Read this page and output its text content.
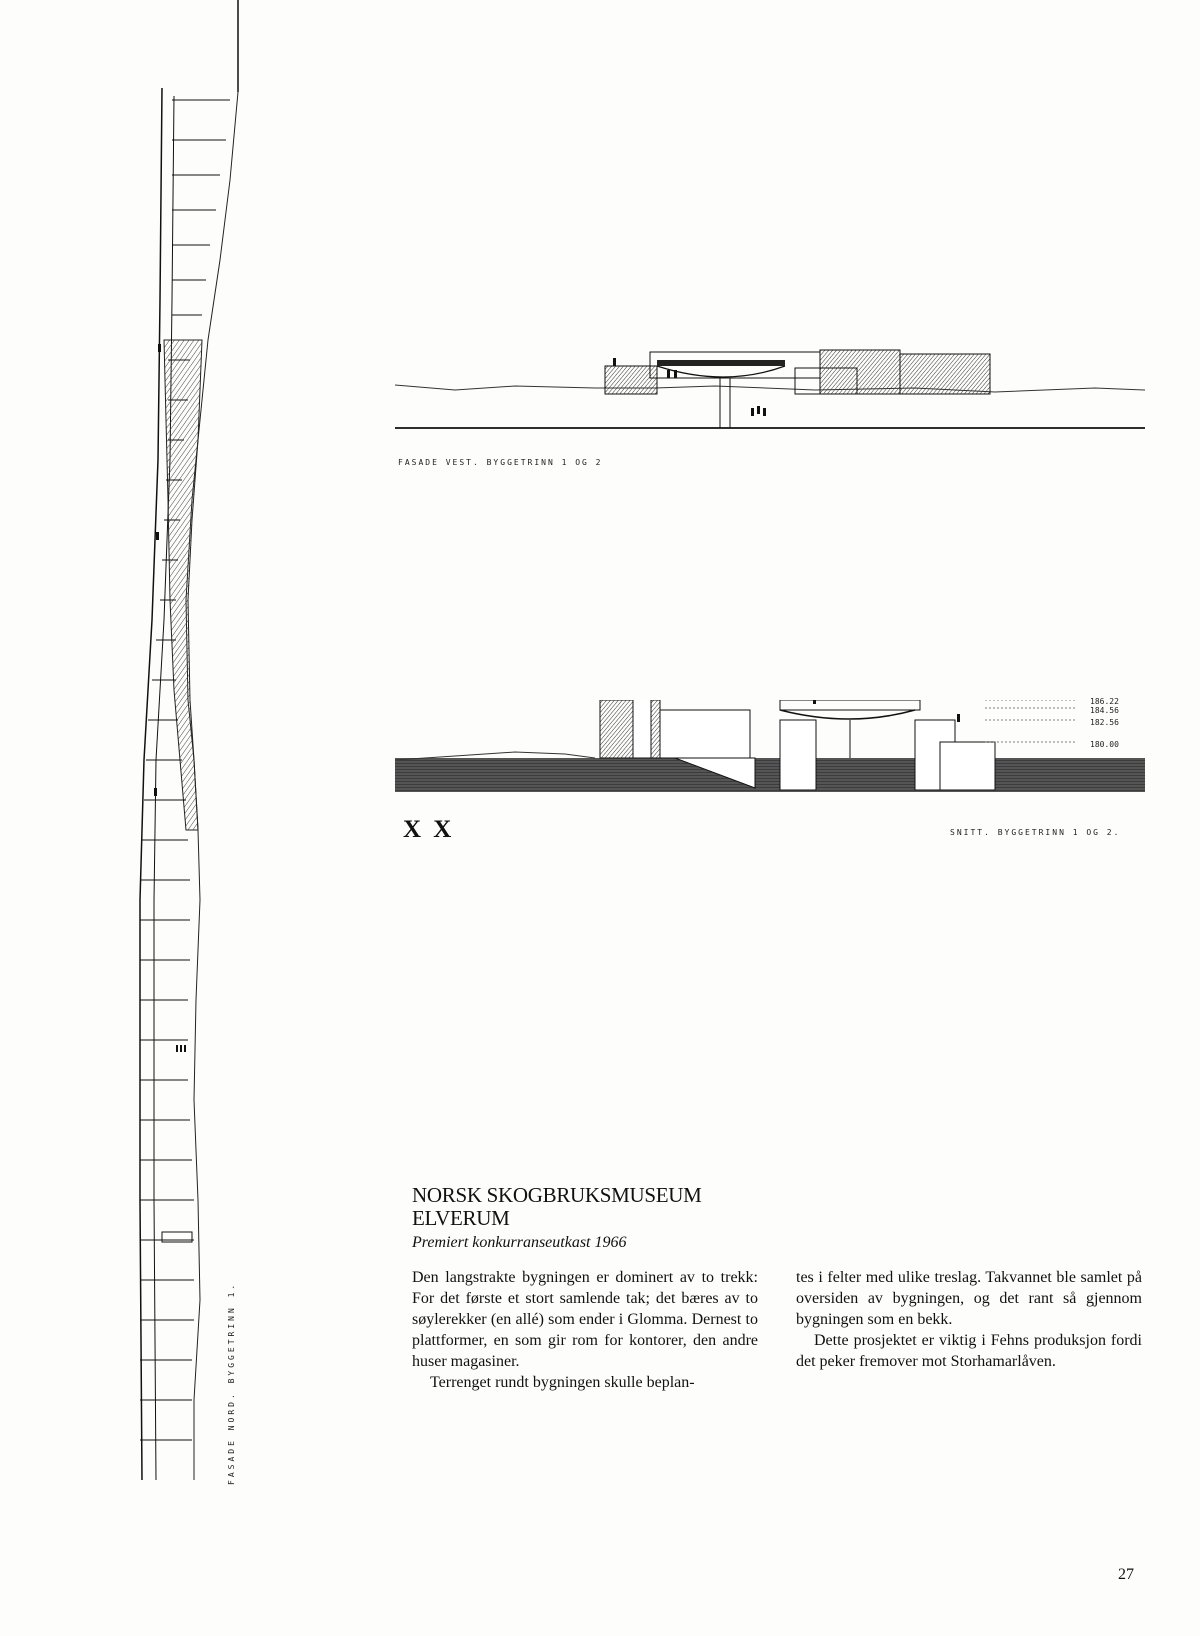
FASADE NORD. BYGGETRINN 1.
FASADE VEST. BYGGETRINN 1 OG 2
186.22
184.56
182.56
180.00
X X	SNITT. BYGGETRINN 1 OG 2.
NORSK SKOGBRUKSMUSEUM
ELVERUM
Premiert konkurranseutkast 1966

Den langstrakte bygningen er dominert av to trekk: For det første et stort samlende tak; det bæres av to søylerekker (en allé) som ender i Glomma. Dernest to plattformer, en som gir rom for kontorer, den andre huser magasiner.

Terrenget rundt bygningen skulle beplan-

tes i felter med ulike treslag. Takvannet ble samlet på oversiden av bygningen, og det rant så gjennom bygningen som en bekk.

Dette prosjektet er viktig i Fehns produksjon fordi det peker fremover mot Storhamarlåven.

27
